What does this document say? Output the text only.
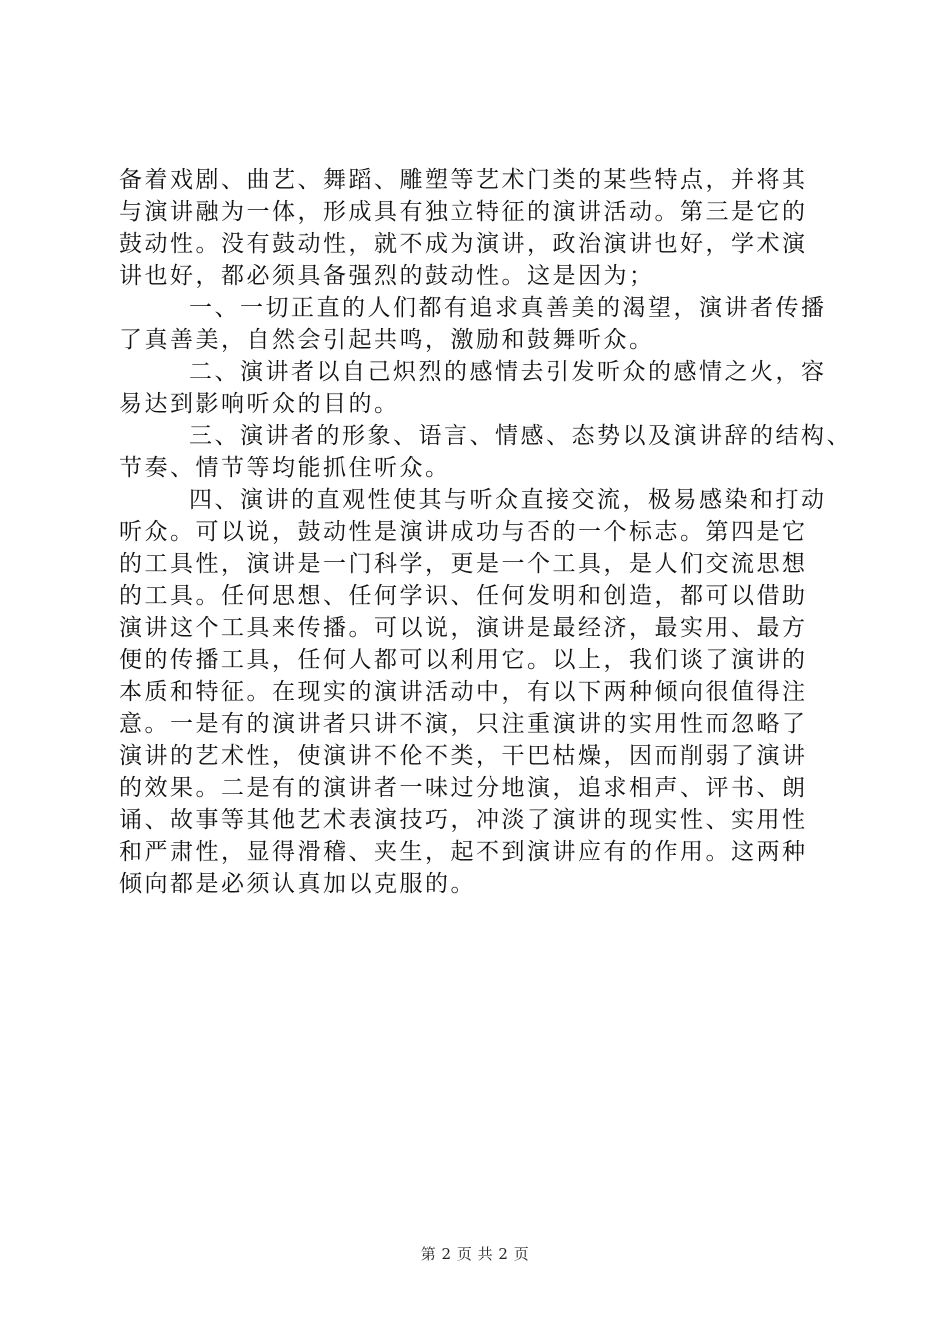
备着戏剧、曲艺、舞蹈、雕塑等艺术门类的某些特点，并将其
与演讲融为一体，形成具有独立特征的演讲活动。第三是它的
鼓动性。没有鼓动性，就不成为演讲，政治演讲也好，学术演
讲也好，都必须具备强烈的鼓动性。这是因为；
一、一切正直的人们都有追求真善美的渴望，演讲者传播
了真善美，自然会引起共鸣，激励和鼓舞听众。
二、演讲者以自己炽烈的感情去引发听众的感情之火，容
易达到影响听众的目的。
三、演讲者的形象、语言、情感、态势以及演讲辞的结构、
节奏、情节等均能抓住听众。
四、演讲的直观性使其与听众直接交流，极易感染和打动
听众。可以说，鼓动性是演讲成功与否的一个标志。第四是它
的工具性，演讲是一门科学，更是一个工具，是人们交流思想
的工具。任何思想、任何学识、任何发明和创造，都可以借助
演讲这个工具来传播。可以说，演讲是最经济，最实用、最方
便的传播工具，任何人都可以利用它。以上，我们谈了演讲的
本质和特征。在现实的演讲活动中，有以下两种倾向很值得注
意。一是有的演讲者只讲不演，只注重演讲的实用性而忽略了
演讲的艺术性，使演讲不伦不类，干巴枯燥，因而削弱了演讲
的效果。二是有的演讲者一味过分地演，追求相声、评书、朗
诵、故事等其他艺术表演技巧，冲淡了演讲的现实性、实用性
和严肃性，显得滑稽、夹生，起不到演讲应有的作用。这两种
倾向都是必须认真加以克服的。
第 2 页 共 2 页
